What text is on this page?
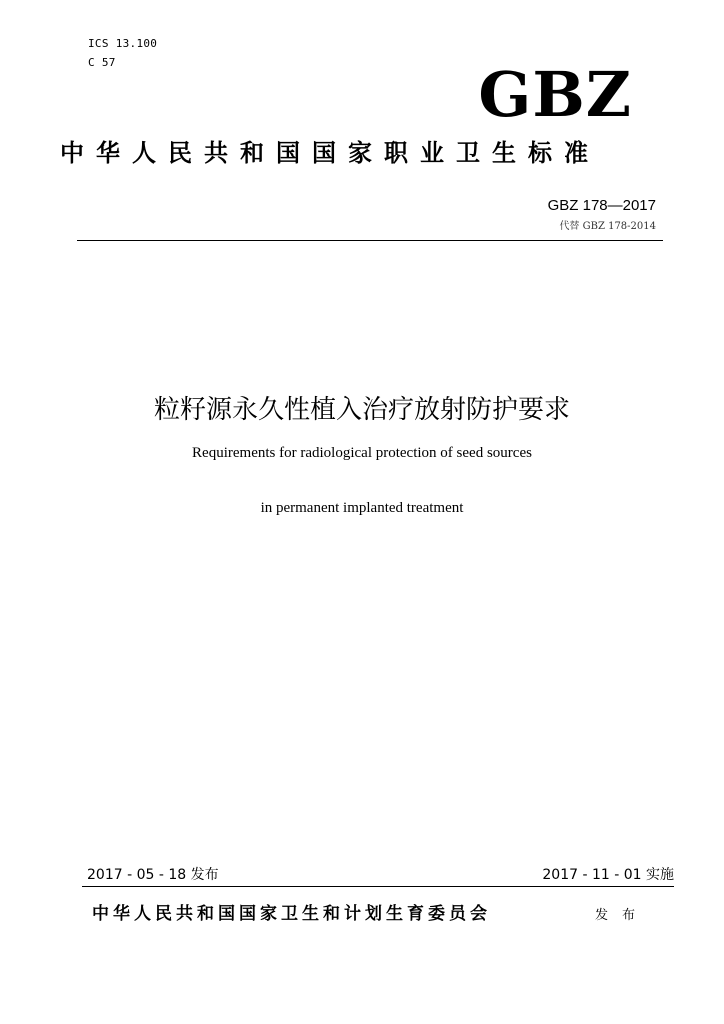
ICS 13.100
C 57	GBZ
中华人民共和国国家职业卫生标准
GBZ 178—2017
代替 GBZ 178-2014
粒籽源永久性植入治疗放射防护要求
Requirements for radiological protection of seed sources
in permanent implanted treatment
2017 - 05 - 18 发布	2017 - 11 - 01 实施
中华人民共和国国家卫生和计划生育委员会	发布
